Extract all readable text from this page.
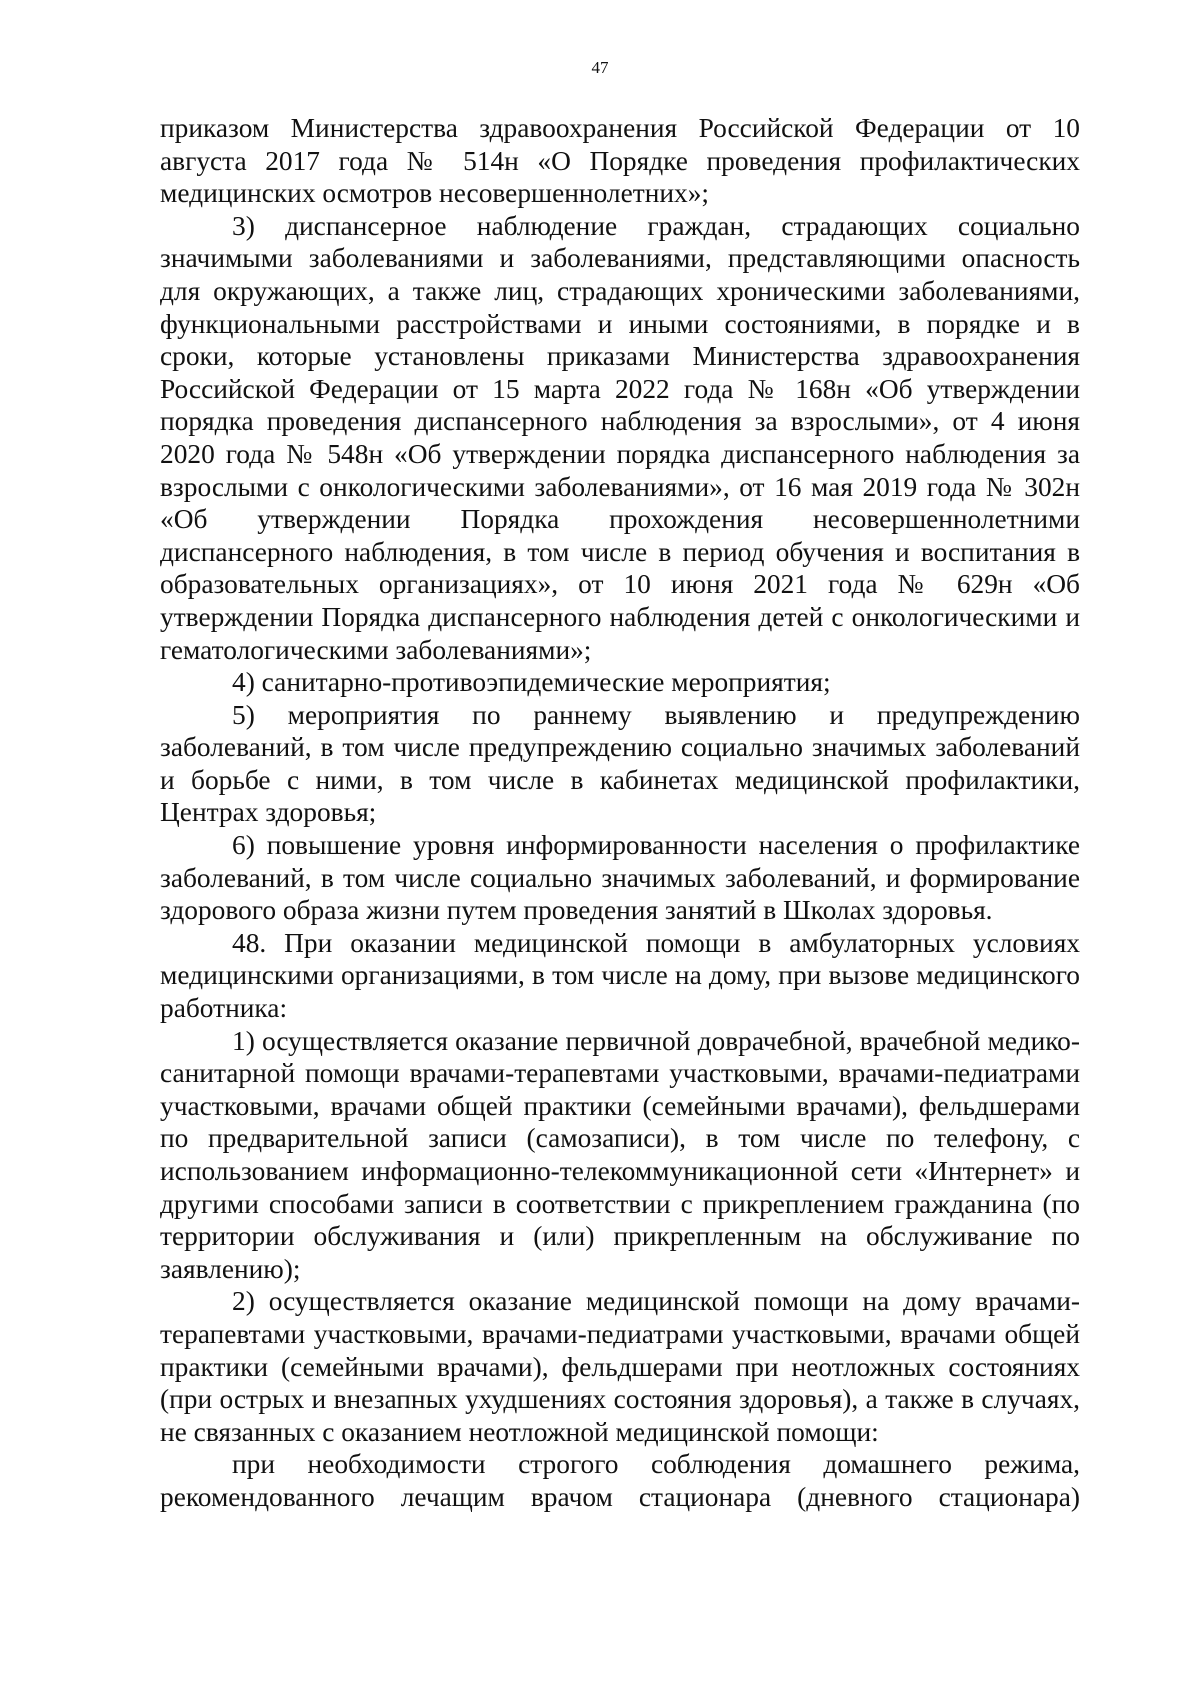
47

приказом Министерства здравоохранения Российской Федерации от 10 августа 2017 года № 514н «О Порядке проведения профилактических медицинских осмотров несовершеннолетних»;

3) диспансерное наблюдение граждан, страдающих социально значимыми заболеваниями и заболеваниями, представляющими опасность для окружающих, а также лиц, страдающих хроническими заболеваниями, функциональными расстройствами и иными состояниями, в порядке и в сроки, которые установлены приказами Министерства здравоохранения Российской Федерации от 15 марта 2022 года № 168н «Об утверждении порядка проведения диспансерного наблюдения за взрослыми», от 4 июня 2020 года № 548н «Об утверждении порядка диспансерного наблюдения за взрослыми с онкологическими заболеваниями», от 16 мая 2019 года № 302н «Об утверждении Порядка прохождения несовершеннолетними диспансерного наблюдения, в том числе в период обучения и воспитания в образовательных организациях», от 10 июня 2021 года № 629н «Об утверждении Порядка диспансерного наблюдения детей с онкологическими и гематологическими заболеваниями»;

4) санитарно-противоэпидемические мероприятия;

5) мероприятия по раннему выявлению и предупреждению заболеваний, в том числе предупреждению социально значимых заболеваний и борьбе с ними, в том числе в кабинетах медицинской профилактики, Центрах здоровья;

6) повышение уровня информированности населения о профилактике заболеваний, в том числе социально значимых заболеваний, и формирование здорового образа жизни путем проведения занятий в Школах здоровья.

48. При оказании медицинской помощи в амбулаторных условиях медицинскими организациями, в том числе на дому, при вызове медицинского работника:

1) осуществляется оказание первичной доврачебной, врачебной медико-санитарной помощи врачами-терапевтами участковыми, врачами-педиатрами участковыми, врачами общей практики (семейными врачами), фельдшерами по предварительной записи (самозаписи), в том числе по телефону, с использованием информационно-телекоммуникационной сети «Интернет» и другими способами записи в соответствии с прикреплением гражданина (по территории обслуживания и (или) прикрепленным на обслуживание по заявлению);

2) осуществляется оказание медицинской помощи на дому врачами-терапевтами участковыми, врачами-педиатрами участковыми, врачами общей практики (семейными врачами), фельдшерами при неотложных состояниях (при острых и внезапных ухудшениях состояния здоровья), а также в случаях, не связанных с оказанием неотложной медицинской помощи:

при необходимости строгого соблюдения домашнего режима, рекомендованного лечащим врачом стационара (дневного стационара)
